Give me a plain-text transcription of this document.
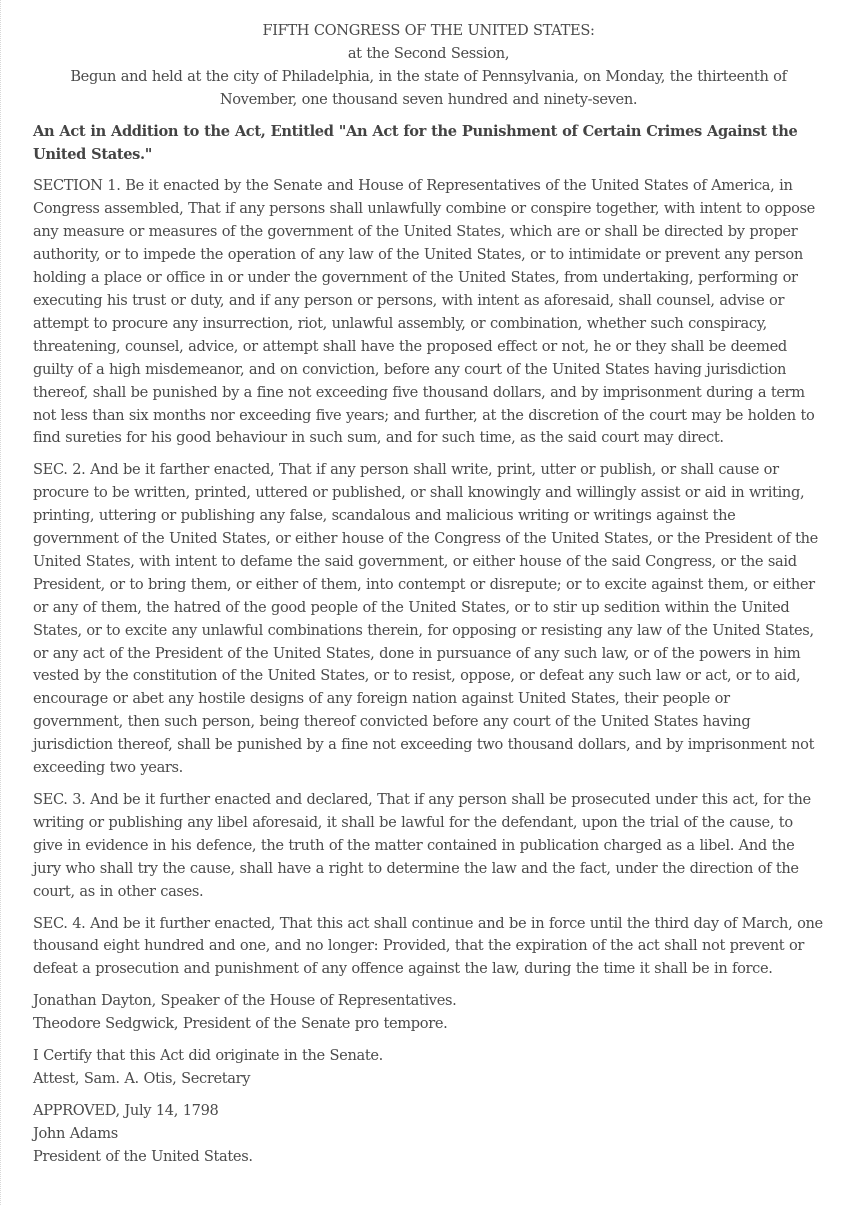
FIFTH CONGRESS OF THE UNITED STATES:
at the Second Session,
Begun and held at the city of Philadelphia, in the state of Pennsylvania, on Monday, the thirteenth of November, one thousand seven hundred and ninety-seven.
An Act in Addition to the Act, Entitled "An Act for the Punishment of Certain Crimes Against the United States."

SECTION 1. Be it enacted by the Senate and House of Representatives of the United States of America, in Congress assembled, That if any persons shall unlawfully combine or conspire together, with intent to oppose any measure or measures of the government of the United States, which are or shall be directed by proper authority, or to impede the operation of any law of the United States, or to intimidate or prevent any person holding a place or office in or under the government of the United States, from undertaking, performing or executing his trust or duty, and if any person or persons, with intent as aforesaid, shall counsel, advise or attempt to procure any insurrection, riot, unlawful assembly, or combination, whether such conspiracy, threatening, counsel, advice, or attempt shall have the proposed effect or not, he or they shall be deemed guilty of a high misdemeanor, and on conviction, before any court of the United States having jurisdiction thereof, shall be punished by a fine not exceeding five thousand dollars, and by imprisonment during a term not less than six months nor exceeding five years; and further, at the discretion of the court may be holden to find sureties for his good behaviour in such sum, and for such time, as the said court may direct.

SEC. 2. And be it farther enacted, That if any person shall write, print, utter or publish, or shall cause or procure to be written, printed, uttered or published, or shall knowingly and willingly assist or aid in writing, printing, uttering or publishing any false, scandalous and malicious writing or writings against the government of the United States, or either house of the Congress of the United States, or the President of the United States, with intent to defame the said government, or either house of the said Congress, or the said President, or to bring them, or either of them, into contempt or disrepute; or to excite against them, or either or any of them, the hatred of the good people of the United States, or to stir up sedition within the United States, or to excite any unlawful combinations therein, for opposing or resisting any law of the United States, or any act of the President of the United States, done in pursuance of any such law, or of the powers in him vested by the constitution of the United States, or to resist, oppose, or defeat any such law or act, or to aid, encourage or abet any hostile designs of any foreign nation against United States, their people or government, then such person, being thereof convicted before any court of the United States having jurisdiction thereof, shall be punished by a fine not exceeding two thousand dollars, and by imprisonment not exceeding two years.

SEC. 3. And be it further enacted and declared, That if any person shall be prosecuted under this act, for the writing or publishing any libel aforesaid, it shall be lawful for the defendant, upon the trial of the cause, to give in evidence in his defence, the truth of the matter contained in publication charged as a libel. And the jury who shall try the cause, shall have a right to determine the law and the fact, under the direction of the court, as in other cases.

SEC. 4. And be it further enacted, That this act shall continue and be in force until the third day of March, one thousand eight hundred and one, and no longer: Provided, that the expiration of the act shall not prevent or defeat a prosecution and punishment of any offence against the law, during the time it shall be in force.

Jonathan Dayton, Speaker of the House of Representatives.
Theodore Sedgwick, President of the Senate pro tempore.

I Certify that this Act did originate in the Senate.
Attest, Sam. A. Otis, Secretary

APPROVED, July 14, 1798
John Adams
President of the United States.
